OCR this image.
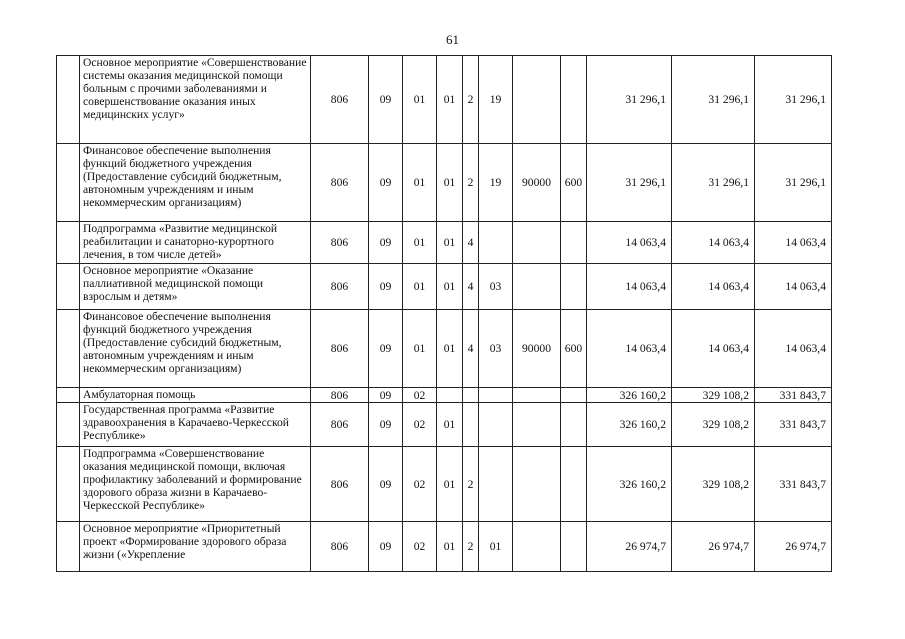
61
	Основное мероприятие «Совершенствование системы оказания медицинской помощи больным с прочими заболеваниями и совершенствование оказания иных медицинских услуг»	806	09	01	01	2	19			31 296,1	31 296,1	31 296,1
	Финансовое обеспечение выполнения функций бюджетного учреждения (Предоставление субсидий бюджетным, автономным учреждениям и иным некоммерческим организациям)	806	09	01	01	2	19	90000	600	31 296,1	31 296,1	31 296,1
	Подпрограмма «Развитие медицинской реабилитации и санаторно-курортного лечения, в том числе детей»	806	09	01	01	4				14 063,4	14 063,4	14 063,4
	Основное мероприятие «Оказание паллиативной медицинской помощи взрослым и детям»	806	09	01	01	4	03			14 063,4	14 063,4	14 063,4
	Финансовое обеспечение выполнения функций бюджетного учреждения (Предоставление субсидий бюджетным, автономным учреждениям и иным некоммерческим организациям)	806	09	01	01	4	03	90000	600	14 063,4	14 063,4	14 063,4
	Амбулаторная помощь	806	09	02						326 160,2	329 108,2	331 843,7
	Государственная программа «Развитие здравоохранения в Карачаево-Черкесской Республике»	806	09	02	01					326 160,2	329 108,2	331 843,7
	Подпрограмма «Совершенствование оказания медицинской помощи, включая профилактику заболеваний и формирование здорового образа жизни в Карачаево-Черкесской Республике»	806	09	02	01	2				326 160,2	329 108,2	331 843,7
	Основное мероприятие «Приоритетный проект «Формирование здорового образа жизни («Укрепление	806	09	02	01	2	01			26 974,7	26 974,7	26 974,7
